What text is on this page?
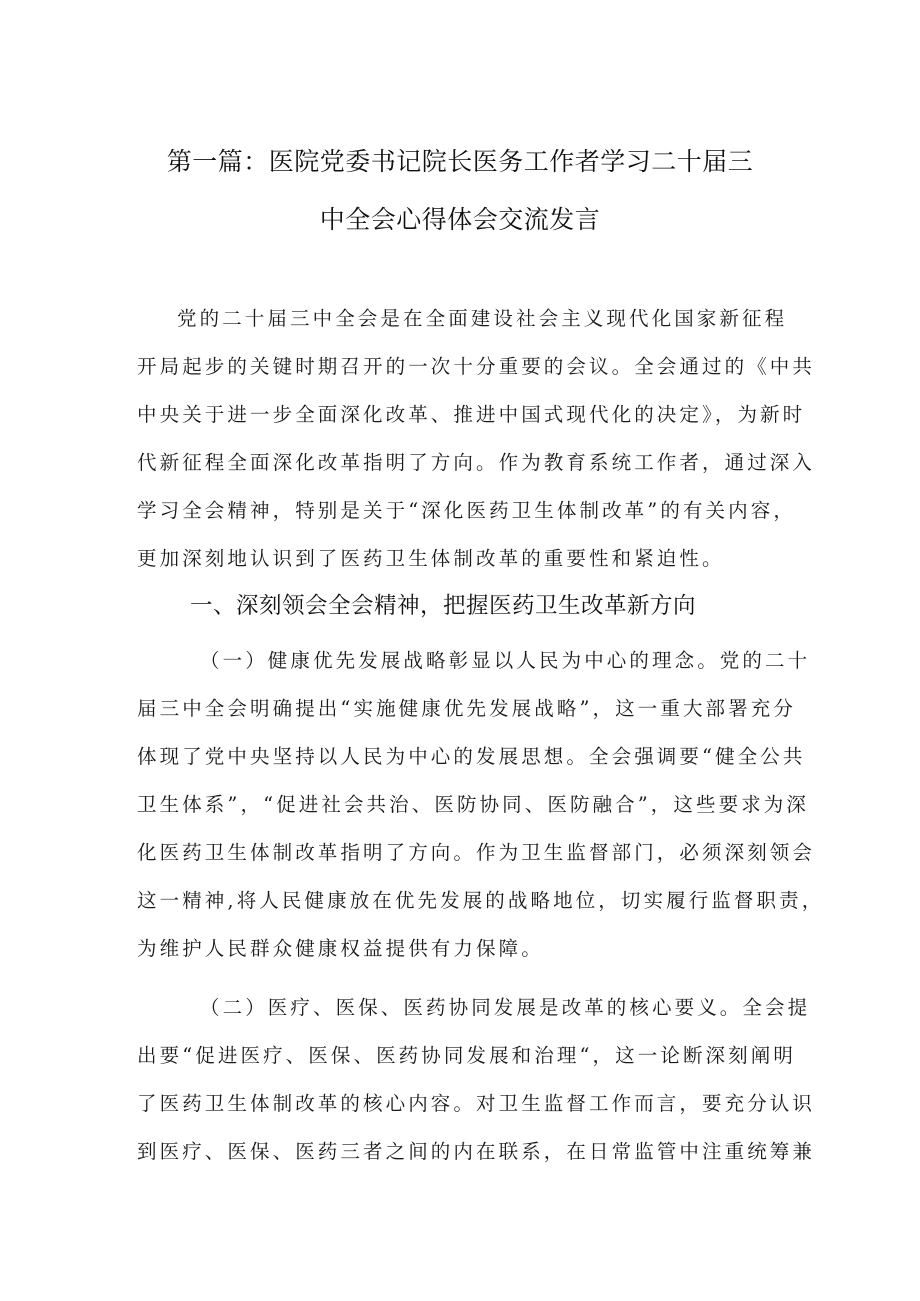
第一篇：医院党委书记院长医务工作者学习二十届三
中全会心得体会交流发言
党的二十届三中全会是在全面建设社会主义现代化国家新征程
开局起步的关键时期召开的一次十分重要的会议。全会通过的《中共
中央关于进一步全面深化改革、推进中国式现代化的决定》，为新时
代新征程全面深化改革指明了方向。作为教育系统工作者，通过深入
学习全会精神，特别是关于“深化医药卫生体制改革”的有关内容，
更加深刻地认识到了医药卫生体制改革的重要性和紧迫性。
一、深刻领会全会精神，把握医药卫生改革新方向
（一）健康优先发展战略彰显以人民为中心的理念。党的二十
届三中全会明确提出“实施健康优先发展战略”，这一重大部署充分
体现了党中央坚持以人民为中心的发展思想。全会强调要“健全公共
卫生体系”，“促进社会共治、医防协同、医防融合”，这些要求为深
化医药卫生体制改革指明了方向。作为卫生监督部门，必须深刻领会
这一精神,将人民健康放在优先发展的战略地位，切实履行监督职责，
为维护人民群众健康权益提供有力保障。
（二）医疗、医保、医药协同发展是改革的核心要义。全会提
出要“促进医疗、医保、医药协同发展和治理“，这一论断深刻阐明
了医药卫生体制改革的核心内容。对卫生监督工作而言，要充分认识
到医疗、医保、医药三者之间的内在联系，在日常监管中注重统筹兼
